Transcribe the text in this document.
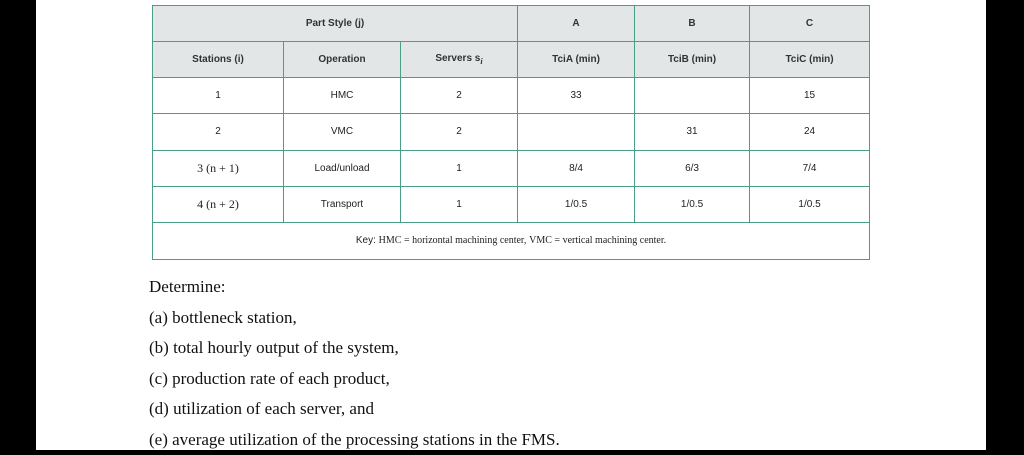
Part Style (j)			A	B	C
Stations (i)	Operation	Servers $s_i$	TciA (min)	TciB (min)	TciC (min)
1	HMC	2	33		15
2	VMC	2		31	24
3 (n + 1)	Load/unload	1	8/4	6/3	7/4
4 (n + 2)	Transport	1	1/0.5	1/0.5	1/0.5
Key: HMC = horizontal machining center, VMC = vertical machining center.					
Determine:
(a) bottleneck station,
(b) total hourly output of the system,
(c) production rate of each product,
(d) utilization of each server, and
(e) average utilization of the processing stations in the FMS.
